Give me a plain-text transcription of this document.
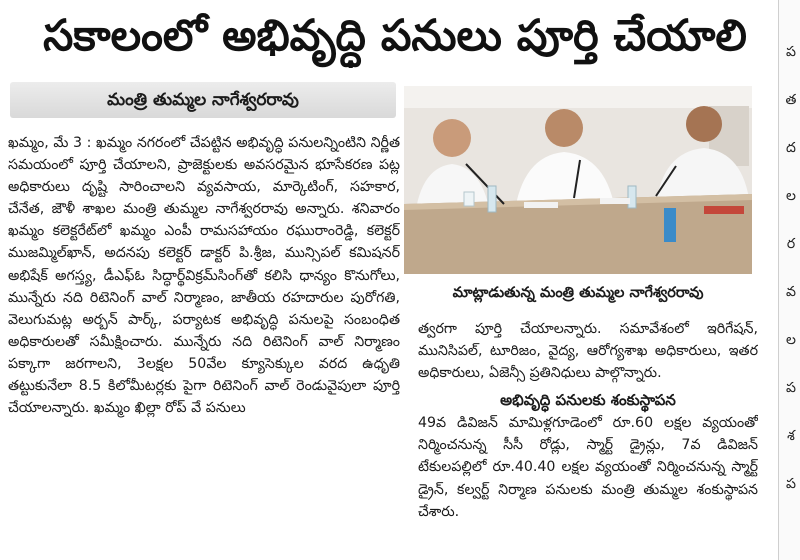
సకాలంలో అభివృద్ధి పనులు పూర్తి చేయాలి
మంత్రి తుమ్మల నాగేశ్వరరావు

ఖమ్మం, మే 3 : ఖమ్మం నగరంలో చేపట్టిన అభివృద్ధి పనులన్నింటిని నిర్ణీత సమయంలో పూర్తి చేయాలని, ప్రాజెక్టులకు అవసరమైన భూసేకరణ పట్ల అధికారులు దృష్టి సారించాలని వ్యవసాయ, మార్కెటింగ్, సహకార, చేనేత, జౌళీ శాఖల మంత్రి తుమ్మల నాగేశ్వరరావు అన్నారు. శనివారం ఖమ్మం కలెక్టరేట్‌లో ఖమ్మం ఎంపీ రామసహాయం రఘురాంరెడ్డి, కలెక్టర్ ముజమ్మిల్‌ఖాన్, అదనపు కలెక్టర్ డాక్టర్ పి.శ్రీజ, మున్సిపల్ కమిషనర్ అభిషేక్ అగస్త్య, డీఎఫ్‌ఓ సిద్ధార్థ్‌విక్రమ్‌సింగ్‌తో కలిసి ధాన్యం కొనుగోలు, మున్నేరు నది రిటెనింగ్ వాల్ నిర్మాణం, జాతీయ రహదారుల పురోగతి, వెలుగుమట్ల అర్బన్ పార్క్, పర్యాటక అభివృద్ధి పనులపై సంబంధిత అధికారులతో సమీక్షించారు. మున్నేరు నది రిటెనింగ్ వాల్ నిర్మాణం పక్కాగా జరగాలని, 3లక్షల 50వేల క్యూసెక్కుల వరద ఉధృతి తట్టుకునేలా 8.5 కిలోమీటర్లకు పైగా రిటెనింగ్ వాల్ రెండువైపులా పూర్తి చేయాలన్నారు. ఖమ్మం ఖిల్లా రోప్ వే పనులు

మాట్లాడుతున్న మంత్రి తుమ్మల నాగేశ్వరరావు

త్వరగా పూర్తి చేయాలన్నారు. సమావేశంలో ఇరిగేషన్, మునిసిపల్, టూరిజం, వైద్య, ఆరోగ్యశాఖ అధికారులు, ఇతర అధికారులు, ఏజెన్సీ ప్రతినిధులు పాల్గొన్నారు.

అభివృద్ధి పనులకు శంకుస్థాపన

49వ డివిజన్ మామిళ్లగూడెంలో రూ.60 లక్షల వ్యయంతో నిర్మించనున్న సీసీ రోడ్లు, స్మార్ట్ డ్రైన్లు, 7వ డివిజన్ టేకులపల్లిలో రూ.40.40 లక్షల వ్యయంతో నిర్మించనున్న స్మార్ట్ డ్రైన్, కల్వర్ట్ నిర్మాణ పనులకు మంత్రి తుమ్మల శంకుస్థాపన చేశారు.

ప
త
ద
ల
ర
వ
ల
ప
శ
ప
